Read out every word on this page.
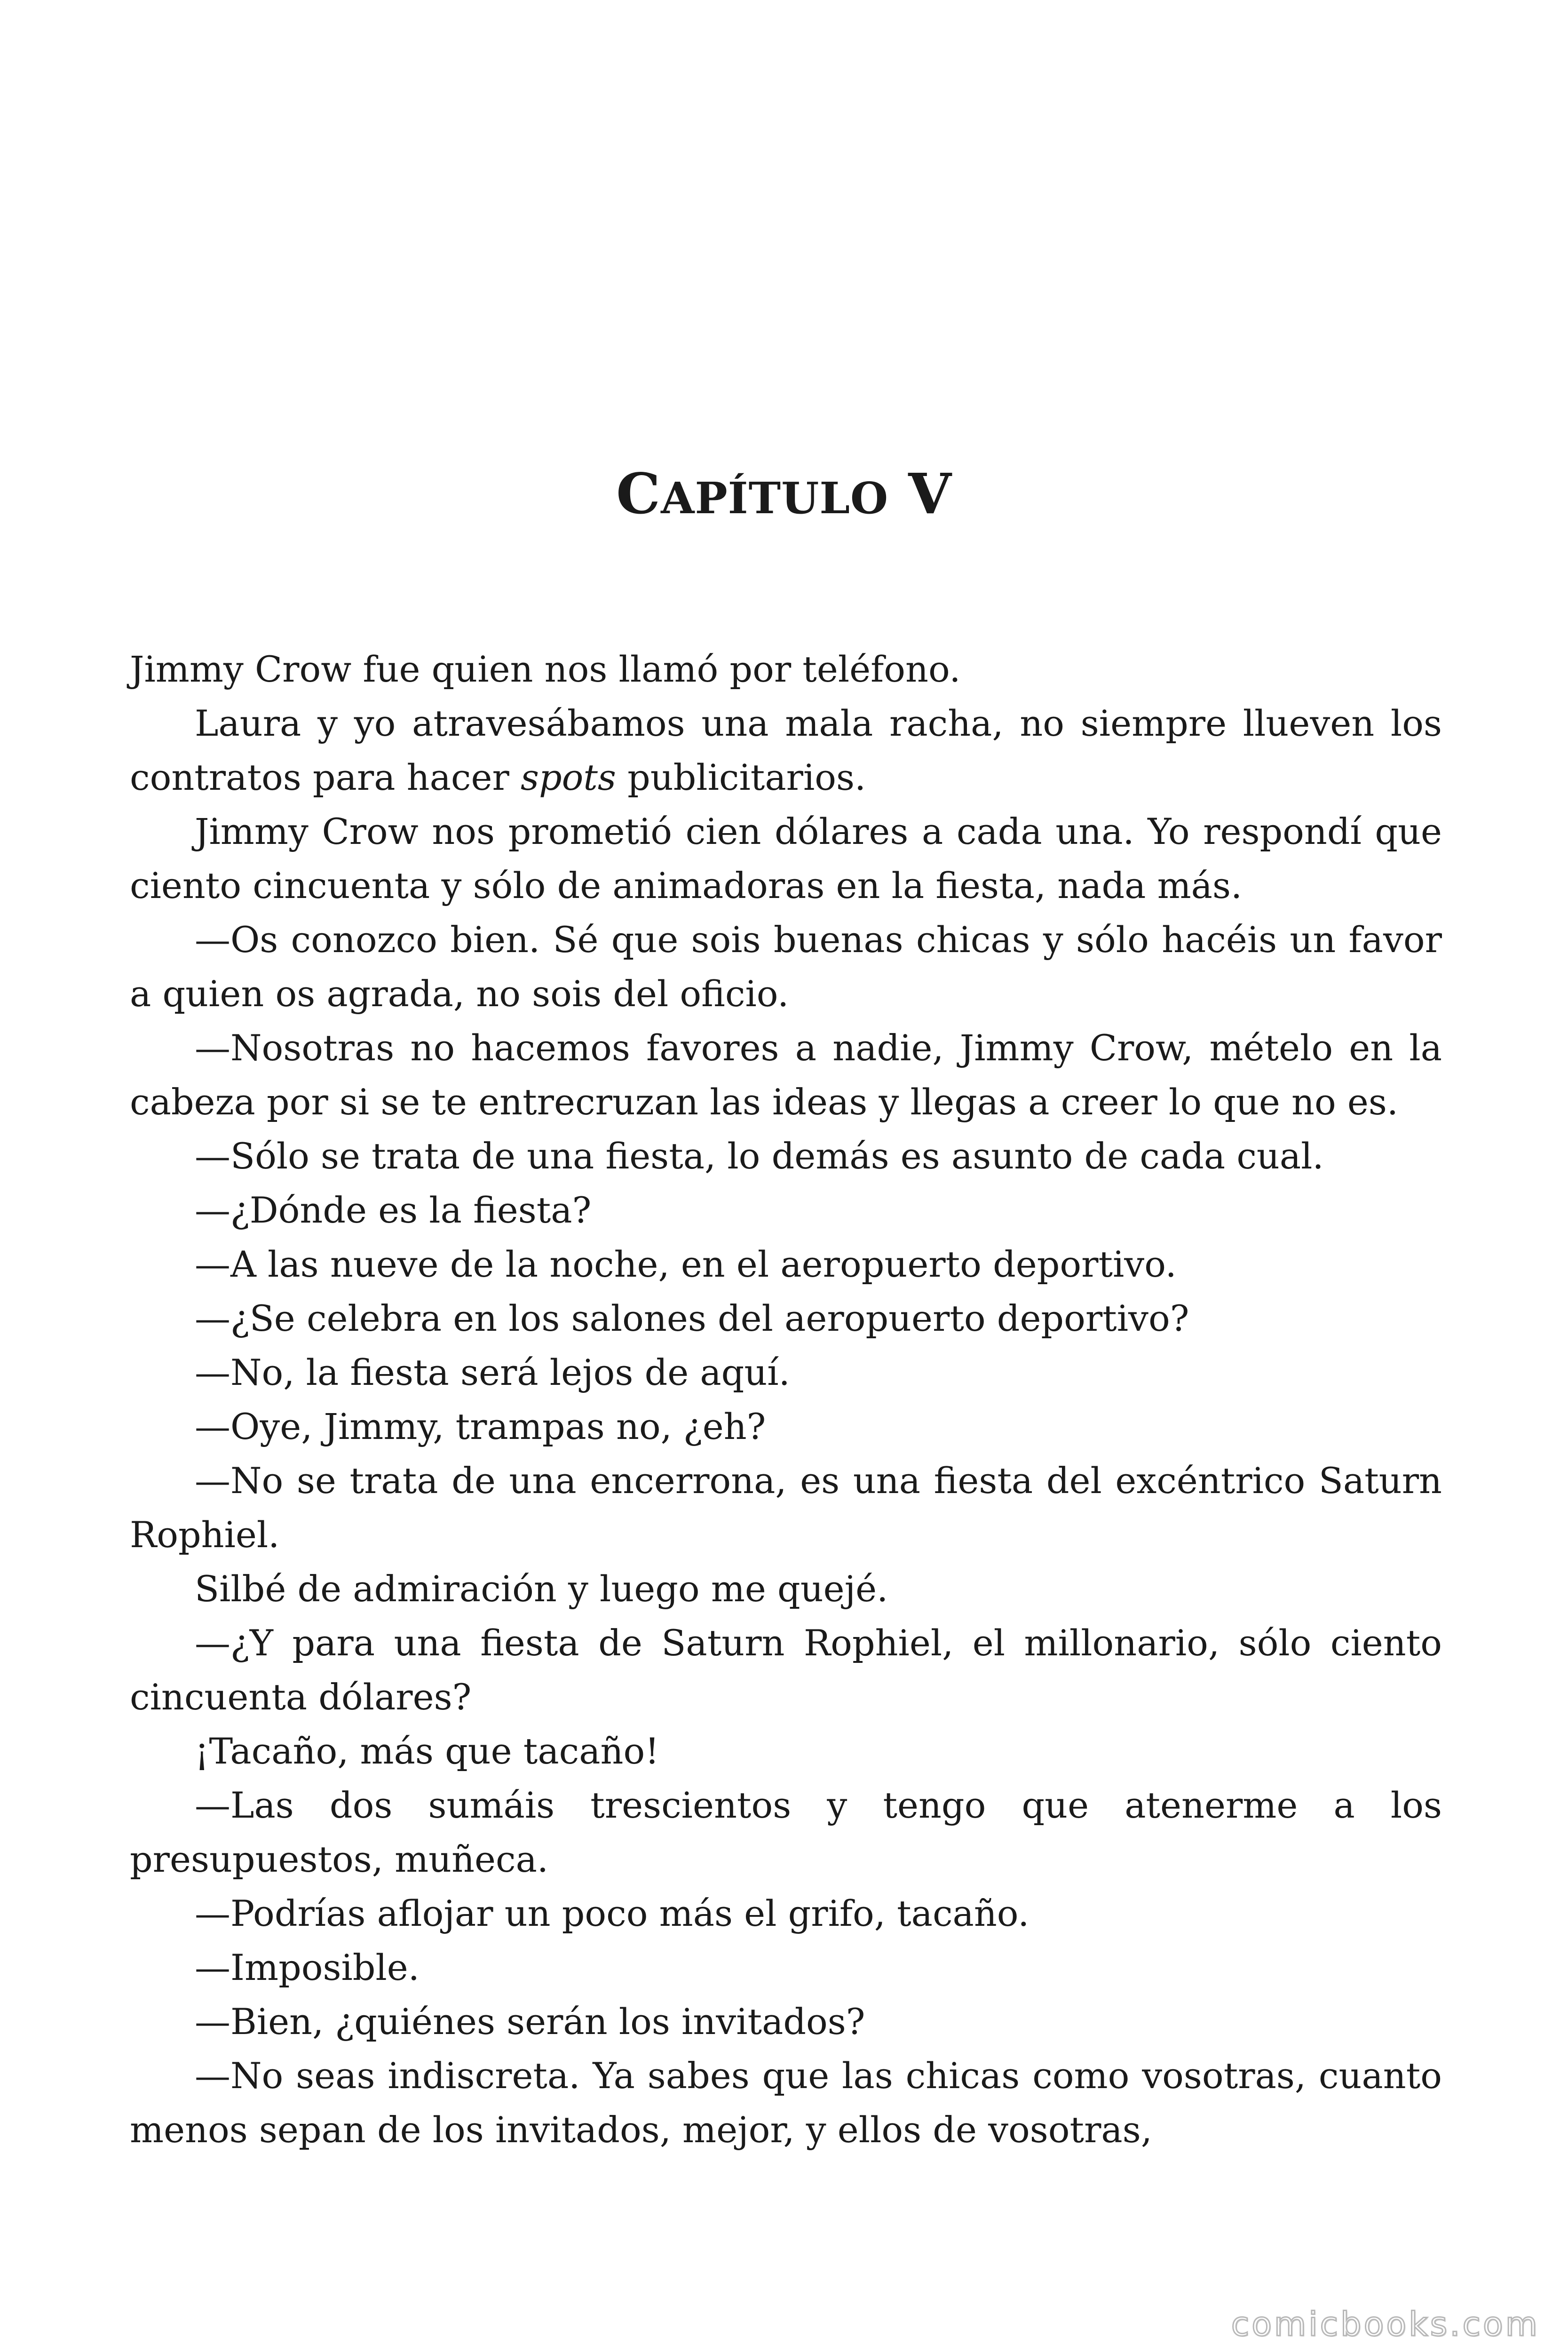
CAPÍTULO V

Jimmy Crow fue quien nos llamó por teléfono.

Laura y yo atravesábamos una mala racha, no siempre llueven los contratos para hacer spots publicitarios.

Jimmy Crow nos prometió cien dólares a cada una. Yo respondí que ciento cincuenta y sólo de animadoras en la fiesta, nada más.

—Os conozco bien. Sé que sois buenas chicas y sólo hacéis un favor a quien os agrada, no sois del oficio.

—Nosotras no hacemos favores a nadie, Jimmy Crow, mételo en la cabeza por si se te entrecruzan las ideas y llegas a creer lo que no es.

—Sólo se trata de una fiesta, lo demás es asunto de cada cual.

—¿Dónde es la fiesta?

—A las nueve de la noche, en el aeropuerto deportivo.

—¿Se celebra en los salones del aeropuerto deportivo?

—No, la fiesta será lejos de aquí.

—Oye, Jimmy, trampas no, ¿eh?

—No se trata de una encerrona, es una fiesta del excéntrico Saturn Rophiel.

Silbé de admiración y luego me quejé.

—¿Y para una fiesta de Saturn Rophiel, el millonario, sólo ciento cincuenta dólares?

¡Tacaño, más que tacaño!

—Las dos sumáis trescientos y tengo que atenerme a los presupuestos, muñeca.

—Podrías aflojar un poco más el grifo, tacaño.

—Imposible.

—Bien, ¿quiénes serán los invitados?

—No seas indiscreta. Ya sabes que las chicas como vosotras, cuanto menos sepan de los invitados, mejor, y ellos de vosotras,

comicbooks.com
